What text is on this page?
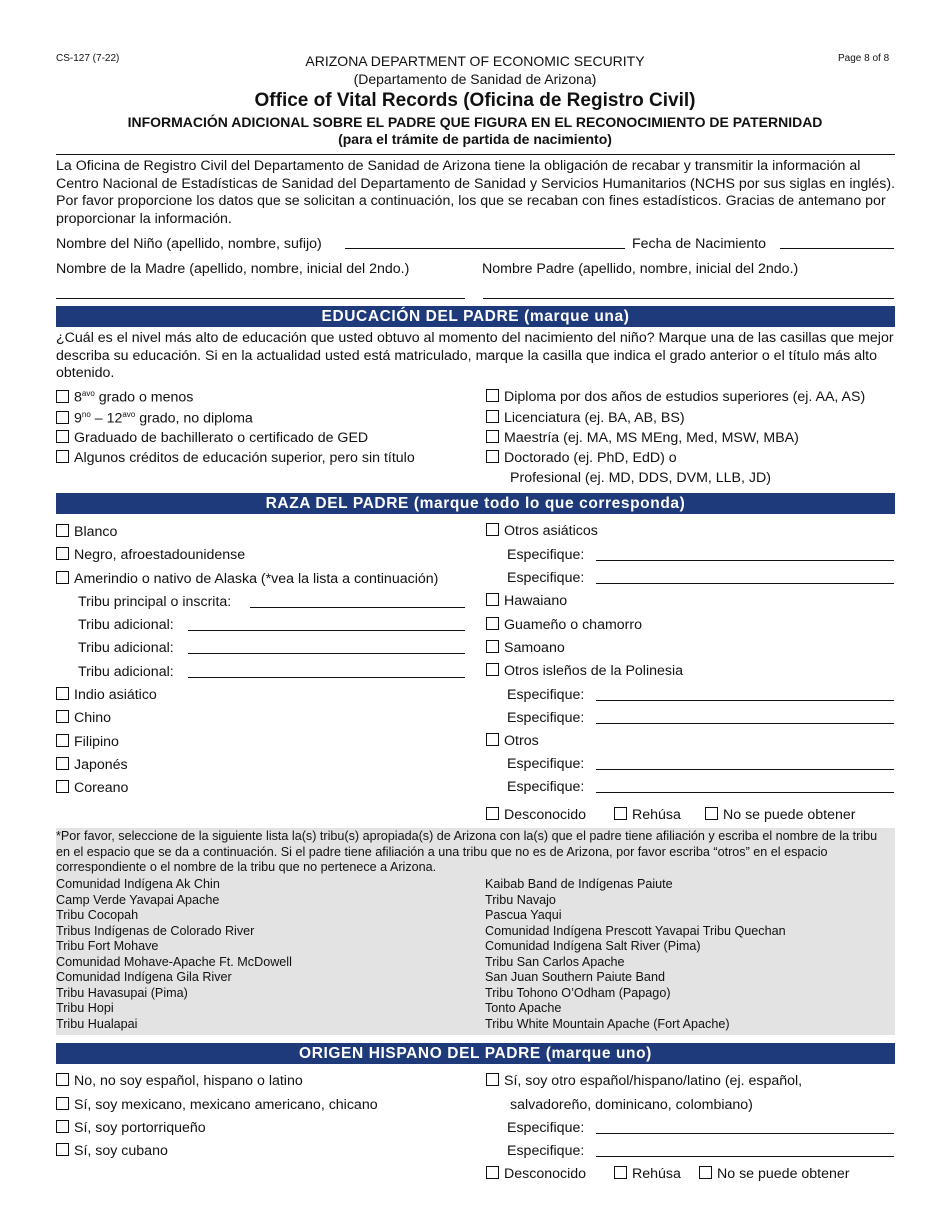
CS-127 (7-22)	Page 8 of 8
ARIZONA DEPARTMENT OF ECONOMIC SECURITY
(Departamento de Sanidad de Arizona)
Office of Vital Records (Oficina de Registro Civil)
INFORMACIÓN ADICIONAL SOBRE EL PADRE QUE FIGURA EN EL RECONOCIMIENTO DE PATERNIDAD
(para el trámite de partida de nacimiento)
La Oficina de Registro Civil del Departamento de Sanidad de Arizona tiene la obligación de recabar y transmitir la información al Centro Nacional de Estadísticas de Sanidad del Departamento de Sanidad y Servicios Humanitarios (NCHS por sus siglas en inglés). Por favor proporcione los datos que se solicitan a continuación, los que se recaban con fines estadísticos. Gracias de antemano por proporcionar la información.
Nombre del Niño (apellido, nombre, sufijo)	Fecha de Nacimiento
Nombre de la Madre (apellido, nombre, inicial del 2ndo.)	Nombre Padre (apellido, nombre, inicial del 2ndo.)
EDUCACIÓN DEL PADRE (marque una)
¿Cuál es el nivel más alto de educación que usted obtuvo al momento del nacimiento del niño? Marque una de las casillas que mejor describa su educación. Si en la actualidad usted está matriculado, marque la casilla que indica el grado anterior o el título más alto obtenido.
$8^{avo}$ grado o menos
$9^{no} - 12^{avo}$ grado, no diploma
Graduado de bachillerato o certificado de GED
Algunos créditos de educación superior, pero sin título
Diploma por dos años de estudios superiores (ej. AA, AS)
Licenciatura (ej. BA, AB, BS)
Maestría (ej. MA, MS MEng, Med, MSW, MBA)
Doctorado (ej. PhD, EdD) o
Profesional (ej. MD, DDS, DVM, LLB, JD)
RAZA DEL PADRE (marque todo lo que corresponda)
Blanco
Negro, afroestadounidense
Amerindio o nativo de Alaska (*vea la lista a continuación)
Tribu principal o inscrita:
Tribu adicional:
Tribu adicional:
Tribu adicional:
Indio asiático
Chino
Filipino
Japonés
Coreano
Otros asiáticos
Especifique:
Especifique:
Hawaiano
Guameño o chamorro
Samoano
Otros isleños de la Polinesia
Especifique:
Especifique:
Otros
Especifique:
Especifique:
Desconocido	Rehúsa	No se puede obtener
*Por favor, seleccione de la siguiente lista la(s) tribu(s) apropiada(s) de Arizona con la(s) que el padre tiene afiliación y escriba el nombre de la tribu en el espacio que se da a continuación. Si el padre tiene afiliación a una tribu que no es de Arizona, por favor escriba “otros” en el espacio correspondiente o el nombre de la tribu que no pertenece a Arizona.
Comunidad Indígena Ak Chin
Camp Verde Yavapai Apache
Tribu Cocopah
Tribus Indígenas de Colorado River
Tribu Fort Mohave
Comunidad Mohave-Apache Ft. McDowell
Comunidad Indígena Gila River
Tribu Havasupai (Pima)
Tribu Hopi
Tribu Hualapai
Kaibab Band de Indígenas Paiute
Tribu Navajo
Pascua Yaqui
Comunidad Indígena Prescott Yavapai Tribu Quechan
Comunidad Indígena Salt River (Pima)
Tribu San Carlos Apache
San Juan Southern Paiute Band
Tribu Tohono O’Odham (Papago)
Tonto Apache
Tribu White Mountain Apache (Fort Apache)
ORIGEN HISPANO DEL PADRE (marque uno)
No, no soy español, hispano o latino
Sí, soy mexicano, mexicano americano, chicano
Sí, soy portorriqueño
Sí, soy cubano
Sí, soy otro español/hispano/latino (ej. español,
salvadoreño, dominicano, colombiano)
Especifique:
Especifique:
Desconocido	Rehúsa	No se puede obtener
